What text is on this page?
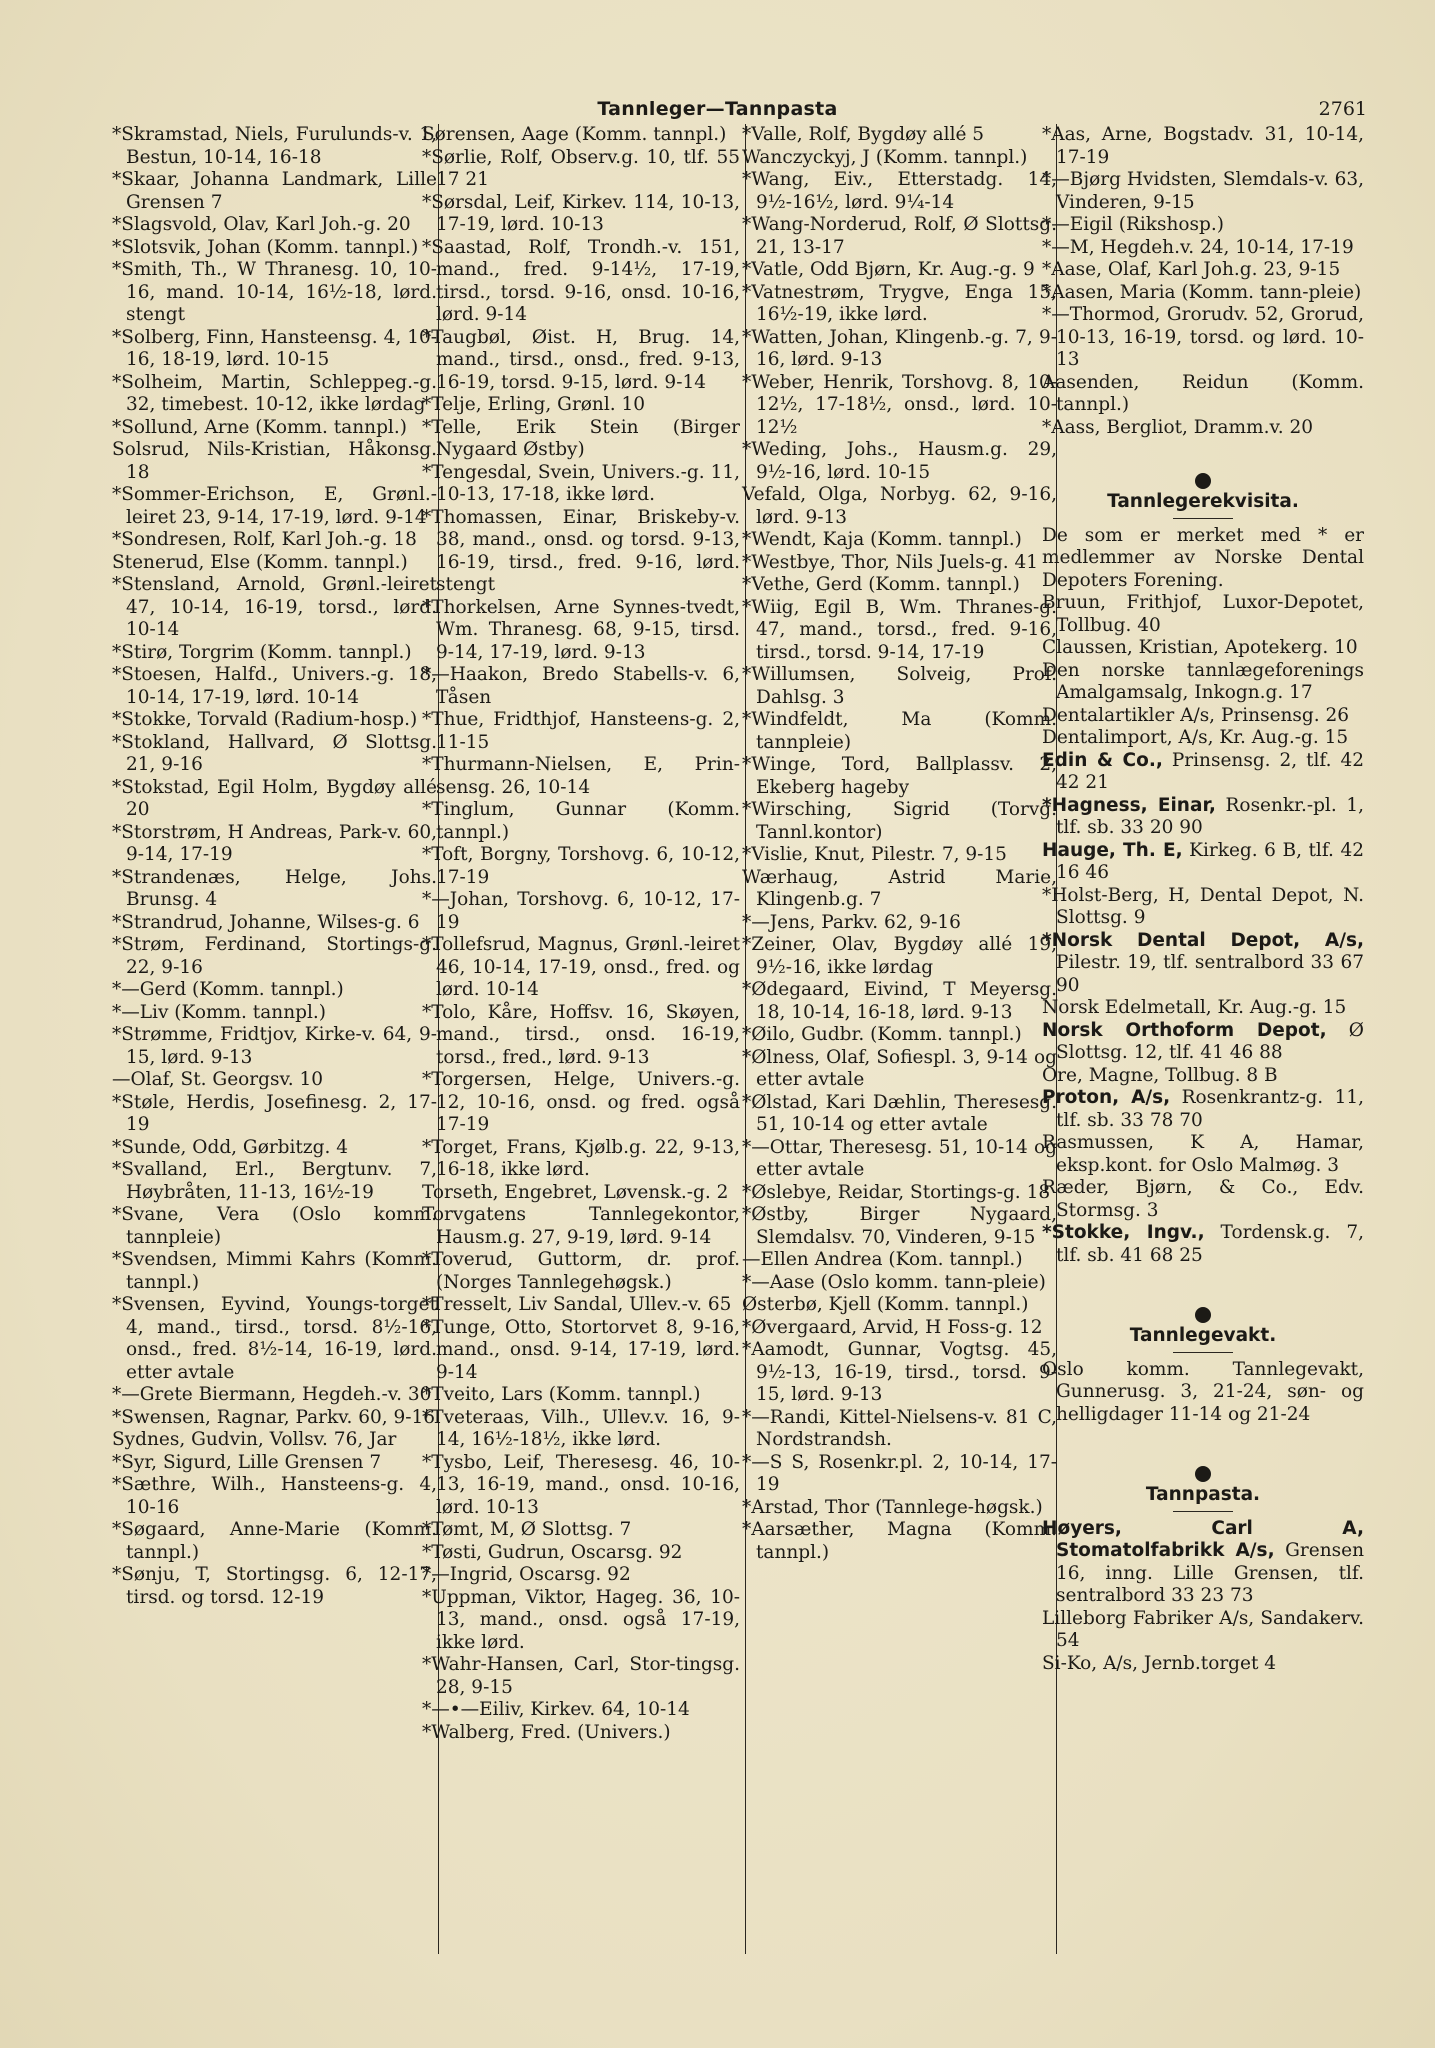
Tannleger—Tannpasta	2761

*Skramstad, Niels, Furulunds-v. 1, Bestun, 10-14, 16-18

*Skaar, Johanna Landmark, Lille Grensen 7

*Slagsvold, Olav, Karl Joh.-g. 20

*Slotsvik, Johan (Komm. tannpl.)

*Smith, Th., W Thranesg. 10, 10-16, mand. 10-14, 16½-18, lørd. stengt

*Solberg, Finn, Hansteensg. 4, 10-16, 18-19, lørd. 10-15

*Solheim, Martin, Schleppeg.-g. 32, timebest. 10-12, ikke lørdag

*Sollund, Arne (Komm. tannpl.)

Solsrud, Nils-Kristian, Håkonsg. 18

*Sommer-Erichson, E, Grønl.-leiret 23, 9-14, 17-19, lørd. 9-14

*Sondresen, Rolf, Karl Joh.-g. 18

Stenerud, Else (Komm. tannpl.)

*Stensland, Arnold, Grønl.-leiret 47, 10-14, 16-19, torsd., lørd. 10-14

*Stirø, Torgrim (Komm. tannpl.)

*Stoesen, Halfd., Univers.-g. 18, 10-14, 17-19, lørd. 10-14

*Stokke, Torvald (Radium-hosp.)

*Stokland, Hallvard, Ø Slottsg. 21, 9-16

*Stokstad, Egil Holm, Bygdøy allé 20

*Storstrøm, H Andreas, Park-v. 60, 9-14, 17-19

*Strandenæs, Helge, Johs. Brunsg. 4

*Strandrud, Johanne, Wilses-g. 6

*Strøm, Ferdinand, Stortings-g. 22, 9-16

*—Gerd (Komm. tannpl.)

*—Liv (Komm. tannpl.)

*Strømme, Fridtjov, Kirke-v. 64, 9-15, lørd. 9-13

—Olaf, St. Georgsv. 10

*Støle, Herdis, Josefinesg. 2, 17-19

*Sunde, Odd, Gørbitzg. 4

*Svalland, Erl., Bergtunv. 7, Høybråten, 11-13, 16½-19

*Svane, Vera (Oslo komm. tannpleie)

*Svendsen, Mimmi Kahrs (Komm. tannpl.)

*Svensen, Eyvind, Youngs-torget 4, mand., tirsd., torsd. 8½-16, onsd., fred. 8½-14, 16-19, lørd. etter avtale

*—Grete Biermann, Hegdeh.-v. 30

*Swensen, Ragnar, Parkv. 60, 9-16

Sydnes, Gudvin, Vollsv. 76, Jar

*Syr, Sigurd, Lille Grensen 7

*Sæthre, Wilh., Hansteens-g. 4, 10-16

*Søgaard, Anne-Marie (Komm. tannpl.)

*Sønju, T, Stortingsg. 6, 12-17, tirsd. og torsd. 12-19

Sørensen, Aage (Komm. tannpl.)

*Sørlie, Rolf, Observ.g. 10, tlf. 55 17 21

*Sørsdal, Leif, Kirkev. 114, 10-13, 17-19, lørd. 10-13

*Saastad, Rolf, Trondh.-v. 151, mand., fred. 9-14½, 17-19, tirsd., torsd. 9-16, onsd. 10-16, lørd. 9-14

*Taugbøl, Øist. H, Brug. 14, mand., tirsd., onsd., fred. 9-13, 16-19, torsd. 9-15, lørd. 9-14

*Telje, Erling, Grønl. 10

*Telle, Erik Stein (Birger Nygaard Østby)

*Tengesdal, Svein, Univers.-g. 11, 10-13, 17-18, ikke lørd.

*Thomassen, Einar, Briskeby-v. 38, mand., onsd. og torsd. 9-13, 16-19, tirsd., fred. 9-16, lørd. stengt

*Thorkelsen, Arne Synnes-tvedt, Wm. Thranesg. 68, 9-15, tirsd. 9-14, 17-19, lørd. 9-13

*—Haakon, Bredo Stabells-v. 6, Tåsen

*Thue, Fridthjof, Hansteens-g. 2, 11-15

*Thurmann-Nielsen, E, Prin-sensg. 26, 10-14

*Tinglum, Gunnar (Komm. tannpl.)

*Toft, Borgny, Torshovg. 6, 10-12, 17-19

*—Johan, Torshovg. 6, 10-12, 17-19

*Tollefsrud, Magnus, Grønl.-leiret 46, 10-14, 17-19, onsd., fred. og lørd. 10-14

*Tolo, Kåre, Hoffsv. 16, Skøyen, mand., tirsd., onsd. 16-19, torsd., fred., lørd. 9-13

*Torgersen, Helge, Univers.-g. 12, 10-16, onsd. og fred. også 17-19

*Torget, Frans, Kjølb.g. 22, 9-13, 16-18, ikke lørd.

Torseth, Engebret, Løvensk.-g. 2

Torvgatens Tannlegekontor, Hausm.g. 27, 9-19, lørd. 9-14

*Toverud, Guttorm, dr. prof. (Norges Tannlegehøgsk.)

*Tresselt, Liv Sandal, Ullev.-v. 65

*Tunge, Otto, Stortorvet 8, 9-16, mand., onsd. 9-14, 17-19, lørd. 9-14

*Tveito, Lars (Komm. tannpl.)

*Tveteraas, Vilh., Ullev.v. 16, 9-14, 16½-18½, ikke lørd.

*Tysbo, Leif, Theresesg. 46, 10-13, 16-19, mand., onsd. 10-16, lørd. 10-13

*Tømt, M, Ø Slottsg. 7

*Tøsti, Gudrun, Oscarsg. 92

*—Ingrid, Oscarsg. 92

*Uppman, Viktor, Hageg. 36, 10-13, mand., onsd. også 17-19, ikke lørd.

*Wahr-Hansen, Carl, Stor-tingsg. 28, 9-15

*—•—Eiliv, Kirkev. 64, 10-14

*Walberg, Fred. (Univers.)

*Valle, Rolf, Bygdøy allé 5

Wanczyckyj, J (Komm. tannpl.)

*Wang, Eiv., Etterstadg. 14, 9½-16½, lørd. 9¼-14

*Wang-Norderud, Rolf, Ø Slottsg. 21, 13-17

*Vatle, Odd Bjørn, Kr. Aug.-g. 9

*Vatnestrøm, Trygve, Enga 15, 16½-19, ikke lørd.

*Watten, Johan, Klingenb.-g. 7, 9-16, lørd. 9-13

*Weber, Henrik, Torshovg. 8, 10-12½, 17-18½, onsd., lørd. 10-12½

*Weding, Johs., Hausm.g. 29, 9½-16, lørd. 10-15

Vefald, Olga, Norbyg. 62, 9-16, lørd. 9-13

*Wendt, Kaja (Komm. tannpl.)

*Westbye, Thor, Nils Juels-g. 41

*Vethe, Gerd (Komm. tannpl.)

*Wiig, Egil B, Wm. Thranes-g. 47, mand., torsd., fred. 9-16, tirsd., torsd. 9-14, 17-19

*Willumsen, Solveig, Prof. Dahlsg. 3

*Windfeldt, Ma (Komm. tannpleie)

*Winge, Tord, Ballplassv. 2, Ekeberg hageby

*Wirsching, Sigrid (Torvg. Tannl.kontor)

*Vislie, Knut, Pilestr. 7, 9-15

Wærhaug, Astrid Marie, Klingenb.g. 7

*—Jens, Parkv. 62, 9-16

*Zeiner, Olav, Bygdøy allé 19, 9½-16, ikke lørdag

*Ødegaard, Eivind, T Meyersg. 18, 10-14, 16-18, lørd. 9-13

*Øilo, Gudbr. (Komm. tannpl.)

*Ølness, Olaf, Sofiespl. 3, 9-14 og etter avtale

*Ølstad, Kari Dæhlin, Theresesg. 51, 10-14 og etter avtale

*—Ottar, Theresesg. 51, 10-14 og etter avtale

*Øslebye, Reidar, Stortings-g. 18

*Østby, Birger Nygaard, Slemdalsv. 70, Vinderen, 9-15

—Ellen Andrea (Kom. tannpl.)

*—Aase (Oslo komm. tann-pleie)

Østerbø, Kjell (Komm. tannpl.)

*Øvergaard, Arvid, H Foss-g. 12

*Aamodt, Gunnar, Vogtsg. 45, 9½-13, 16-19, tirsd., torsd. 9-15, lørd. 9-13

*—Randi, Kittel-Nielsens-v. 81 C, Nordstrandsh.

*—S S, Rosenkr.pl. 2, 10-14, 17-19

*Arstad, Thor (Tannlege-høgsk.)

*Aarsæther, Magna (Komm. tannpl.)

*Aas, Arne, Bogstadv. 31, 10-14, 17-19

*—Bjørg Hvidsten, Slemdals-v. 63, Vinderen, 9-15

*—Eigil (Rikshosp.)

*—M, Hegdeh.v. 24, 10-14, 17-19

*Aase, Olaf, Karl Joh.g. 23, 9-15

*Aasen, Maria (Komm. tann-pleie)

*—Thormod, Grorudv. 52, Grorud, 10-13, 16-19, torsd. og lørd. 10-13

Aasenden, Reidun (Komm. tannpl.)

*Aass, Bergliot, Dramm.v. 20

Tannlegerekvisita.

De som er merket med * er medlemmer av Norske Dental Depoters Forening.

Bruun, Frithjof, Luxor-Depotet, Tollbug. 40

Claussen, Kristian, Apotekerg. 10

Den norske tannlægeforenings Amalgamsalg, Inkogn.g. 17

Dentalartikler A/s, Prinsensg. 26

Dentalimport, A/s, Kr. Aug.-g. 15

Edin & Co., Prinsensg. 2, tlf. 42 42 21

*Hagness, Einar, Rosenkr.-pl. 1, tlf. sb. 33 20 90

Hauge, Th. E, Kirkeg. 6 B, tlf. 42 16 46

*Holst-Berg, H, Dental Depot, N. Slottsg. 9

*Norsk Dental Depot, A/s, Pilestr. 19, tlf. sentralbord 33 67 90

Norsk Edelmetall, Kr. Aug.-g. 15

Norsk Orthoform Depot, Ø Slottsg. 12, tlf. 41 46 88

Ore, Magne, Tollbug. 8 B

Proton, A/s, Rosenkrantz-g. 11, tlf. sb. 33 78 70

Rasmussen, K A, Hamar, eksp.kont. for Oslo Malmøg. 3

Ræder, Bjørn, & Co., Edv. Stormsg. 3

*Stokke, Ingv., Tordensk.g. 7, tlf. sb. 41 68 25

Tannlegevakt.

Oslo komm. Tannlegevakt, Gunnerusg. 3, 21-24, søn- og helligdager 11-14 og 21-24

Tannpasta.

Høyers, Carl A, Stomatolfabrikk A/s, Grensen 16, inng. Lille Grensen, tlf. sentralbord 33 23 73

Lilleborg Fabriker A/s, Sandakerv. 54

Si-Ko, A/s, Jernb.torget 4
